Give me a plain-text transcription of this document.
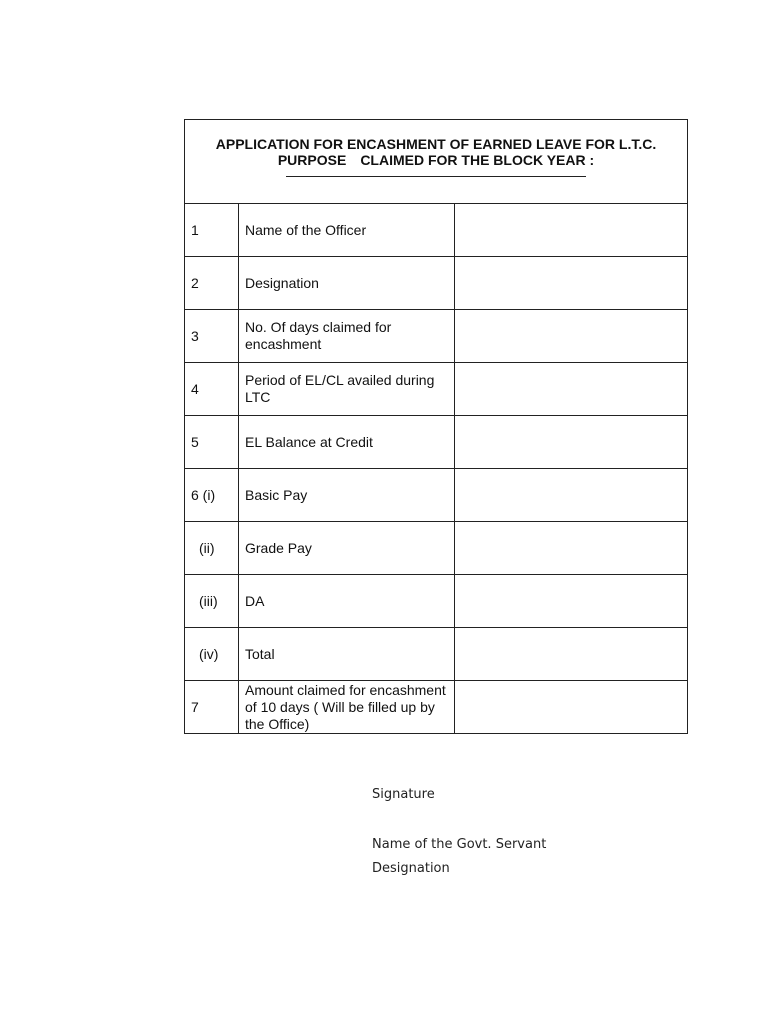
APPLICATION FOR ENCASHMENT OF EARNED LEAVE FOR L.T.C.
PURPOSE CLAIMED FOR THE BLOCK YEAR :		

1	Name of the Officer	
2	Designation	
3	No. Of days claimed for encashment	
4	Period of EL/CL availed during LTC	
5	EL Balance at Credit	
6 (i)	Basic Pay	
(ii)	Grade Pay	
(iii)	DA	
(iv)	Total	
7	Amount claimed for encashment of 10 days ( Will be filled up by the Office)	
Signature
Name of the Govt. Servant
Designation
